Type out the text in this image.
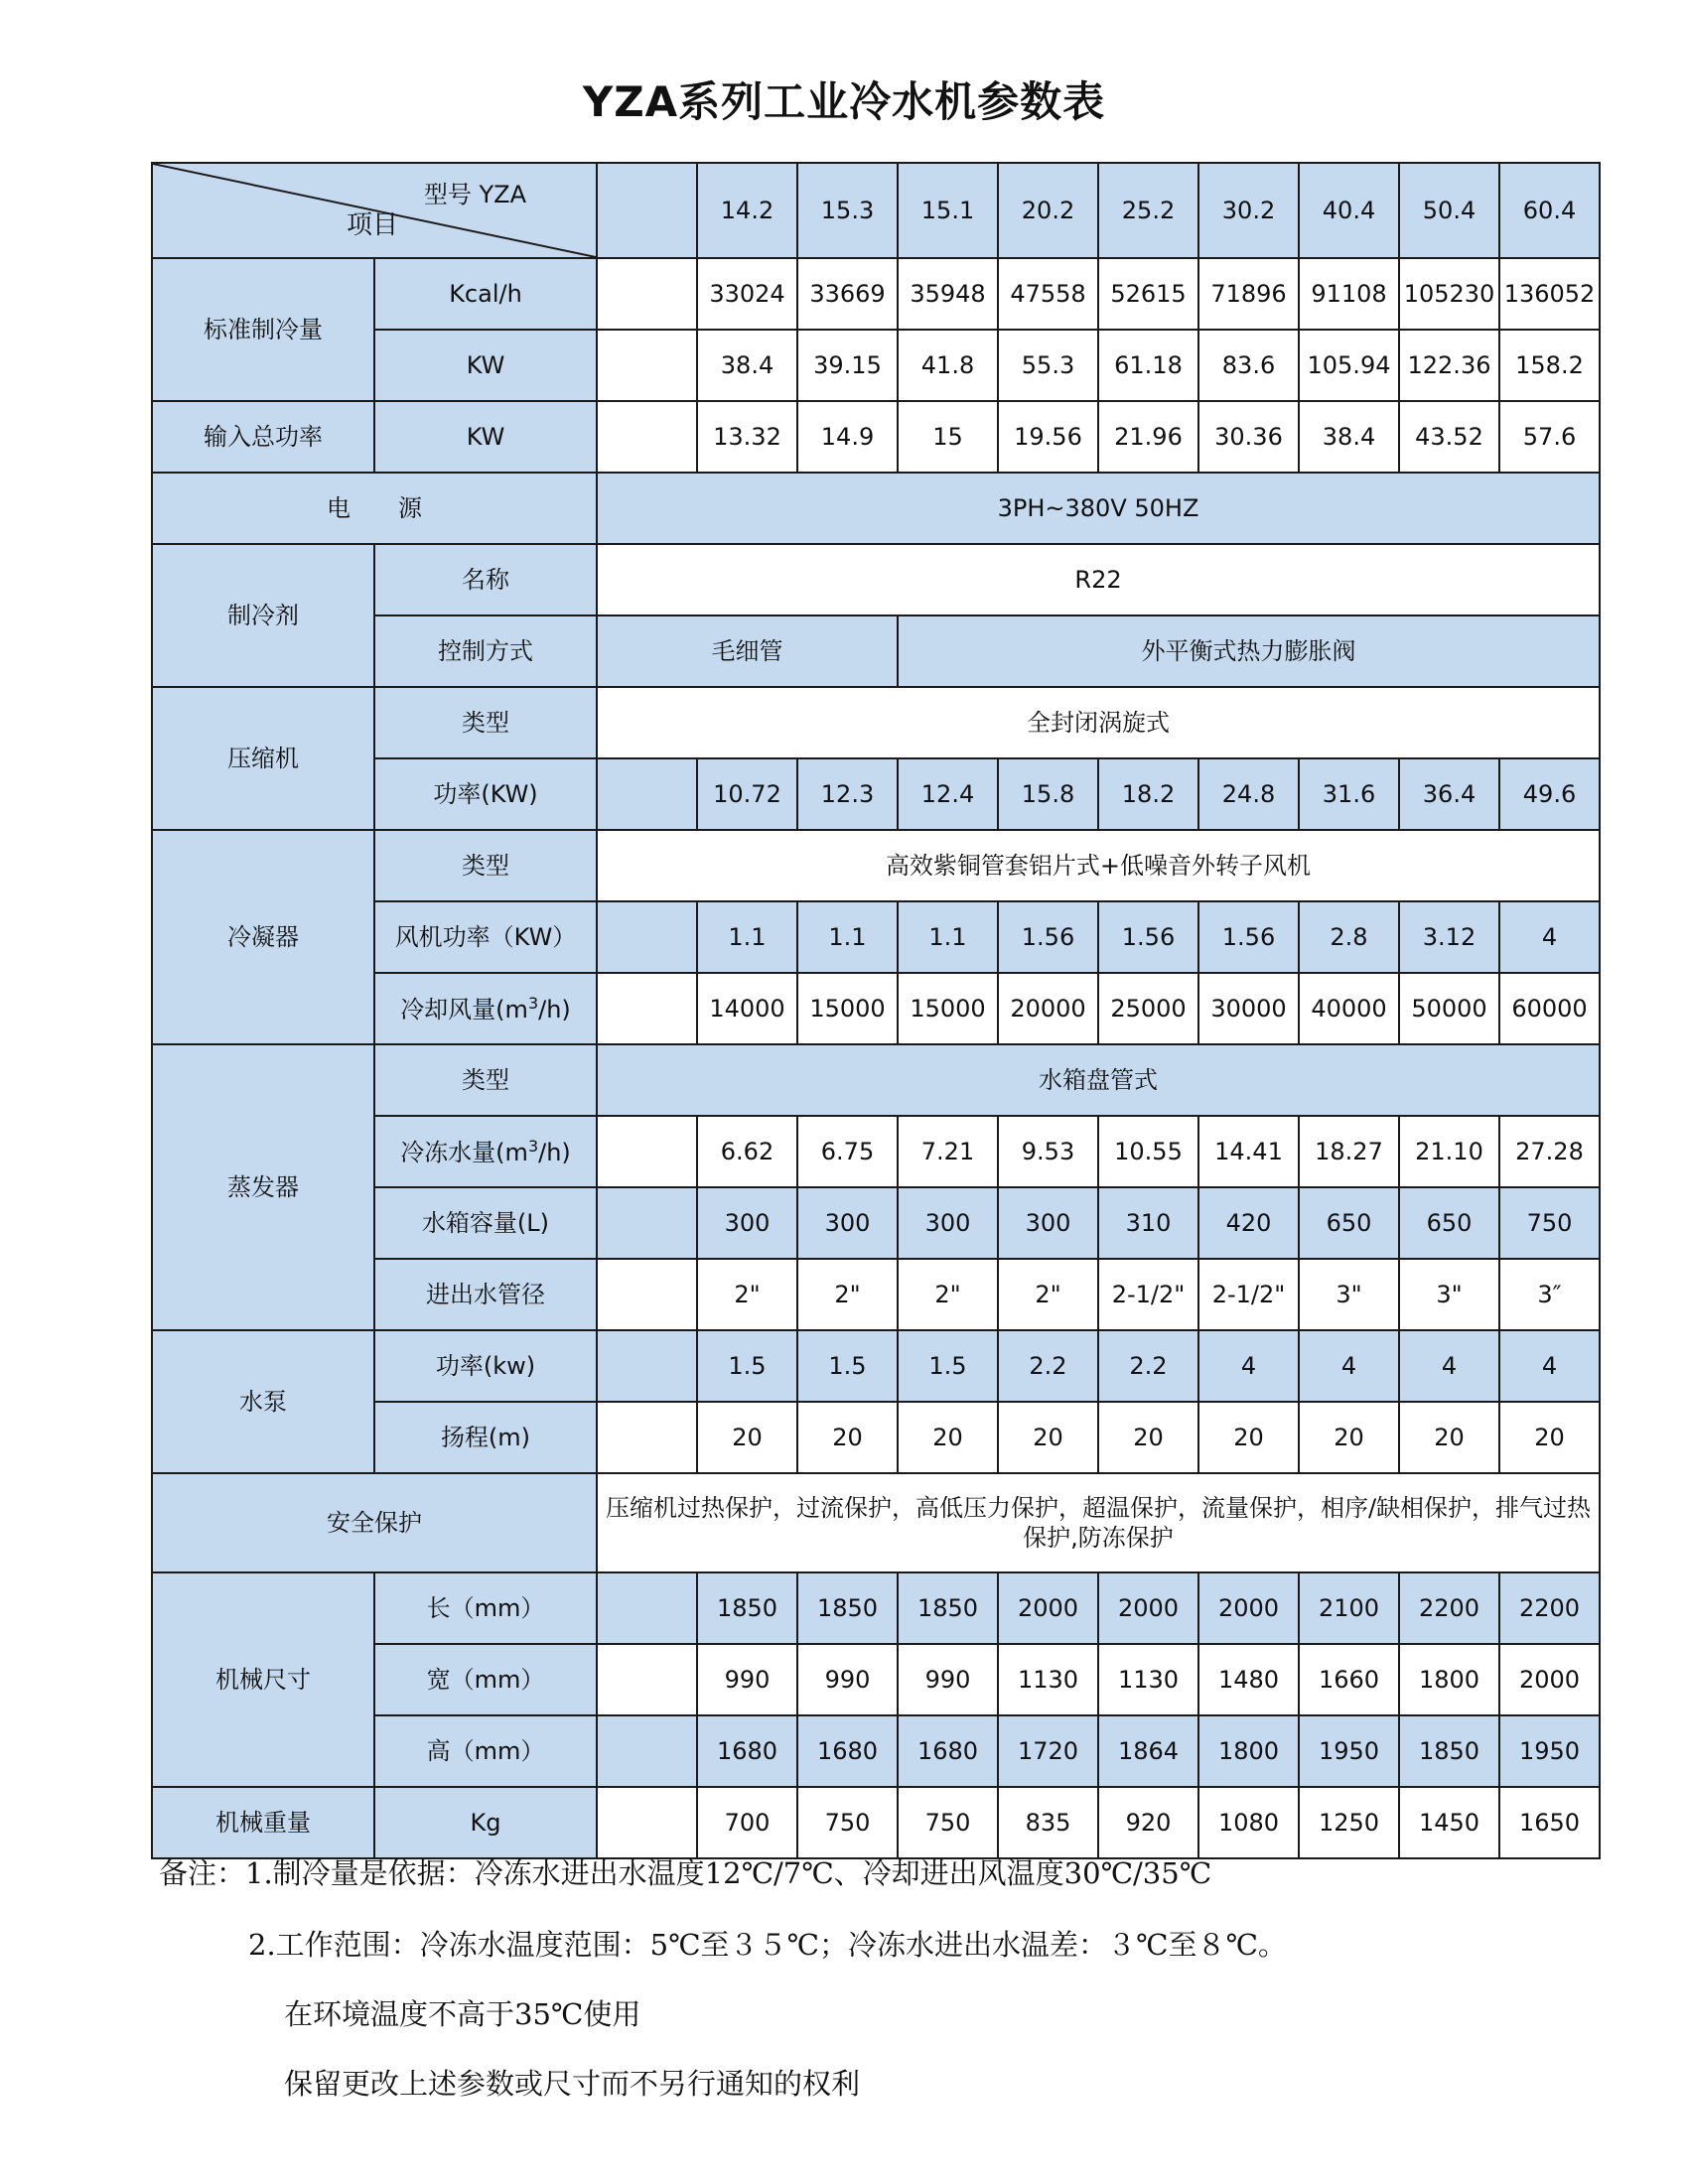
YZA系列工业冷水机参数表
型号 YZA
项目			14.2	15.3	15.1	20.2	25.2	30.2	40.4	50.4	60.4
标准制冷量	Kcal/h		33024	33669	35948	47558	52615	71896	91108	105230	136052
	KW		38.4	39.15	41.8	55.3	61.18	83.6	105.94	122.36	158.2
输入总功率	KW		13.32	14.9	15	19.56	21.96	30.36	38.4	43.52	57.6
电　　源		3PH~380V 50HZ									
制冷剂	名称	R22									
	控制方式	毛细管			外平衡式热力膨胀阀						
压缩机	类型	全封闭涡旋式									
	功率(KW)		10.72	12.3	12.4	15.8	18.2	24.8	31.6	36.4	49.6
冷凝器	类型	高效紫铜管套铝片式+低噪音外转子风机									
	风机功率（KW）		1.1	1.1	1.1	1.56	1.56	1.56	2.8	3.12	4
	冷却风量$(m^3/h)$		14000	15000	15000	20000	25000	30000	40000	50000	60000
蒸发器	类型	水箱盘管式									
	冷冻水量$(m^3/h)$		6.62	6.75	7.21	9.53	10.55	14.41	18.27	21.10	27.28
	水箱容量(L)		300	300	300	300	310	420	650	650	750
	进出水管径		2"	2"	2"	2"	2-1/2"	2-1/2"	3"	3"	3″
水泵	功率(kw)		1.5	1.5	1.5	2.2	2.2	4	4	4	4
	扬程(m)		20	20	20	20	20	20	20	20	20
安全保护		压缩机过热保护，过流保护，高低压力保护，超温保护，流量保护，相序/缺相保护，排气过热保护,防冻保护									
机械尺寸	长（mm）		1850	1850	1850	2000	2000	2000	2100	2200	2200
	宽（mm）		990	990	990	1130	1130	1480	1660	1800	2000
	高（mm）		1680	1680	1680	1720	1864	1800	1950	1850	1950
机械重量	Kg		700	750	750	835	920	1080	1250	1450	1650
备注：1.制冷量是依据：冷冻水进出水温度12℃/7℃、冷却进出风温度30℃/35℃
2.工作范围：冷冻水温度范围：5℃至３５℃；冷冻水进出水温差：３℃至８℃。
在环境温度不高于35℃使用
保留更改上述参数或尺寸而不另行通知的权利
